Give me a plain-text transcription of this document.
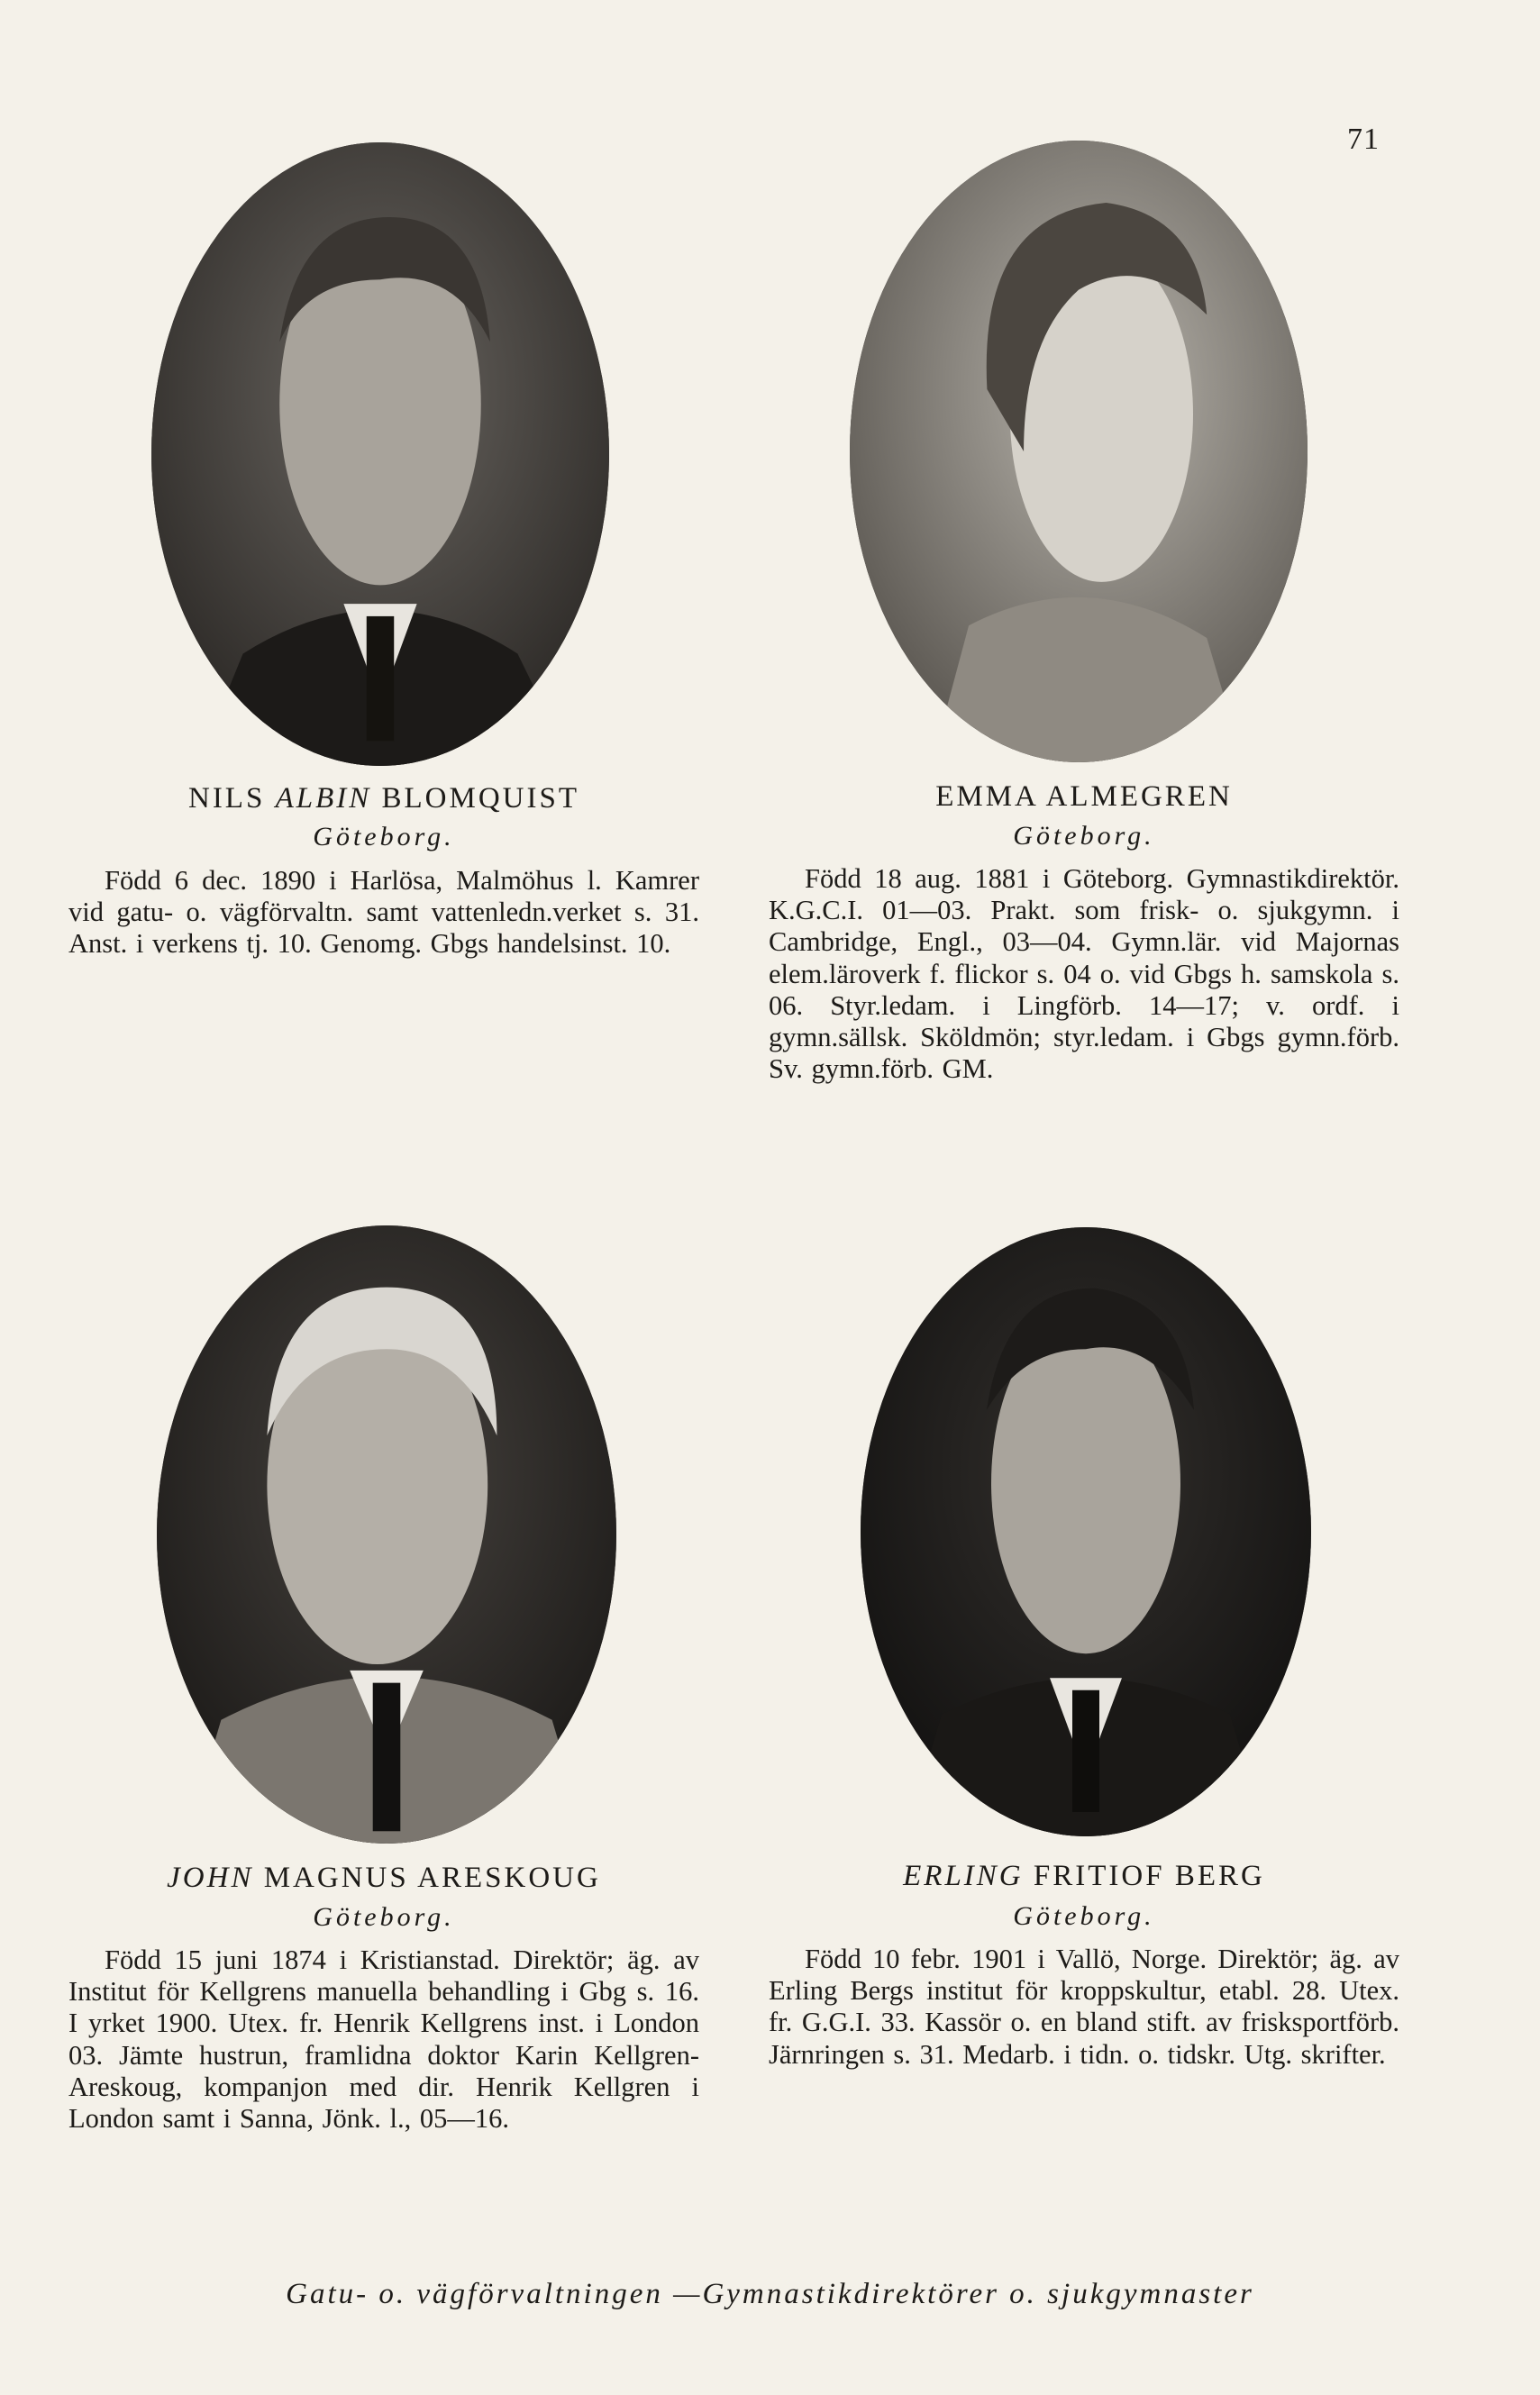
71
NILS ALBIN BLOMQUIST
Göteborg.

Född 6 dec. 1890 i Harlösa, Malmöhus l. Kamrer vid gatu- o. vägförvaltn. samt vattenledn.verket s. 31. Anst. i verkens tj. 10. Genomg. Gbgs handelsinst. 10.

EMMA ALMEGREN
Göteborg.

Född 18 aug. 1881 i Göteborg. Gymnastikdirektör. K.G.C.I. 01—03. Prakt. som frisk- o. sjukgymn. i Cambridge, Engl., 03—04. Gymn.lär. vid Majornas elem.läroverk f. flickor s. 04 o. vid Gbgs h. samskola s. 06. Styr.ledam. i Lingförb. 14—17; v. ordf. i gymn.sällsk. Sköldmön; styr.ledam. i Gbgs gymn.förb. Sv. gymn.förb. GM.

JOHN MAGNUS ARESKOUG
Göteborg.

Född 15 juni 1874 i Kristianstad. Direktör; äg. av Institut för Kellgrens manuella behandling i Gbg s. 16. I yrket 1900. Utex. fr. Henrik Kellgrens inst. i London 03. Jämte hustrun, framlidna doktor Karin Kellgren-Areskoug, kompanjon med dir. Henrik Kellgren i London samt i Sanna, Jönk. l., 05—16.

ERLING FRITIOF BERG
Göteborg.

Född 10 febr. 1901 i Vallö, Norge. Direktör; äg. av Erling Bergs institut för kroppskultur, etabl. 28. Utex. fr. G.G.I. 33. Kassör o. en bland stift. av frisksportförb. Järnringen s. 31. Medarb. i tidn. o. tidskr. Utg. skrifter.

Gatu- o. vägförvaltningen —Gymnastikdirektörer o. sjukgymnaster
